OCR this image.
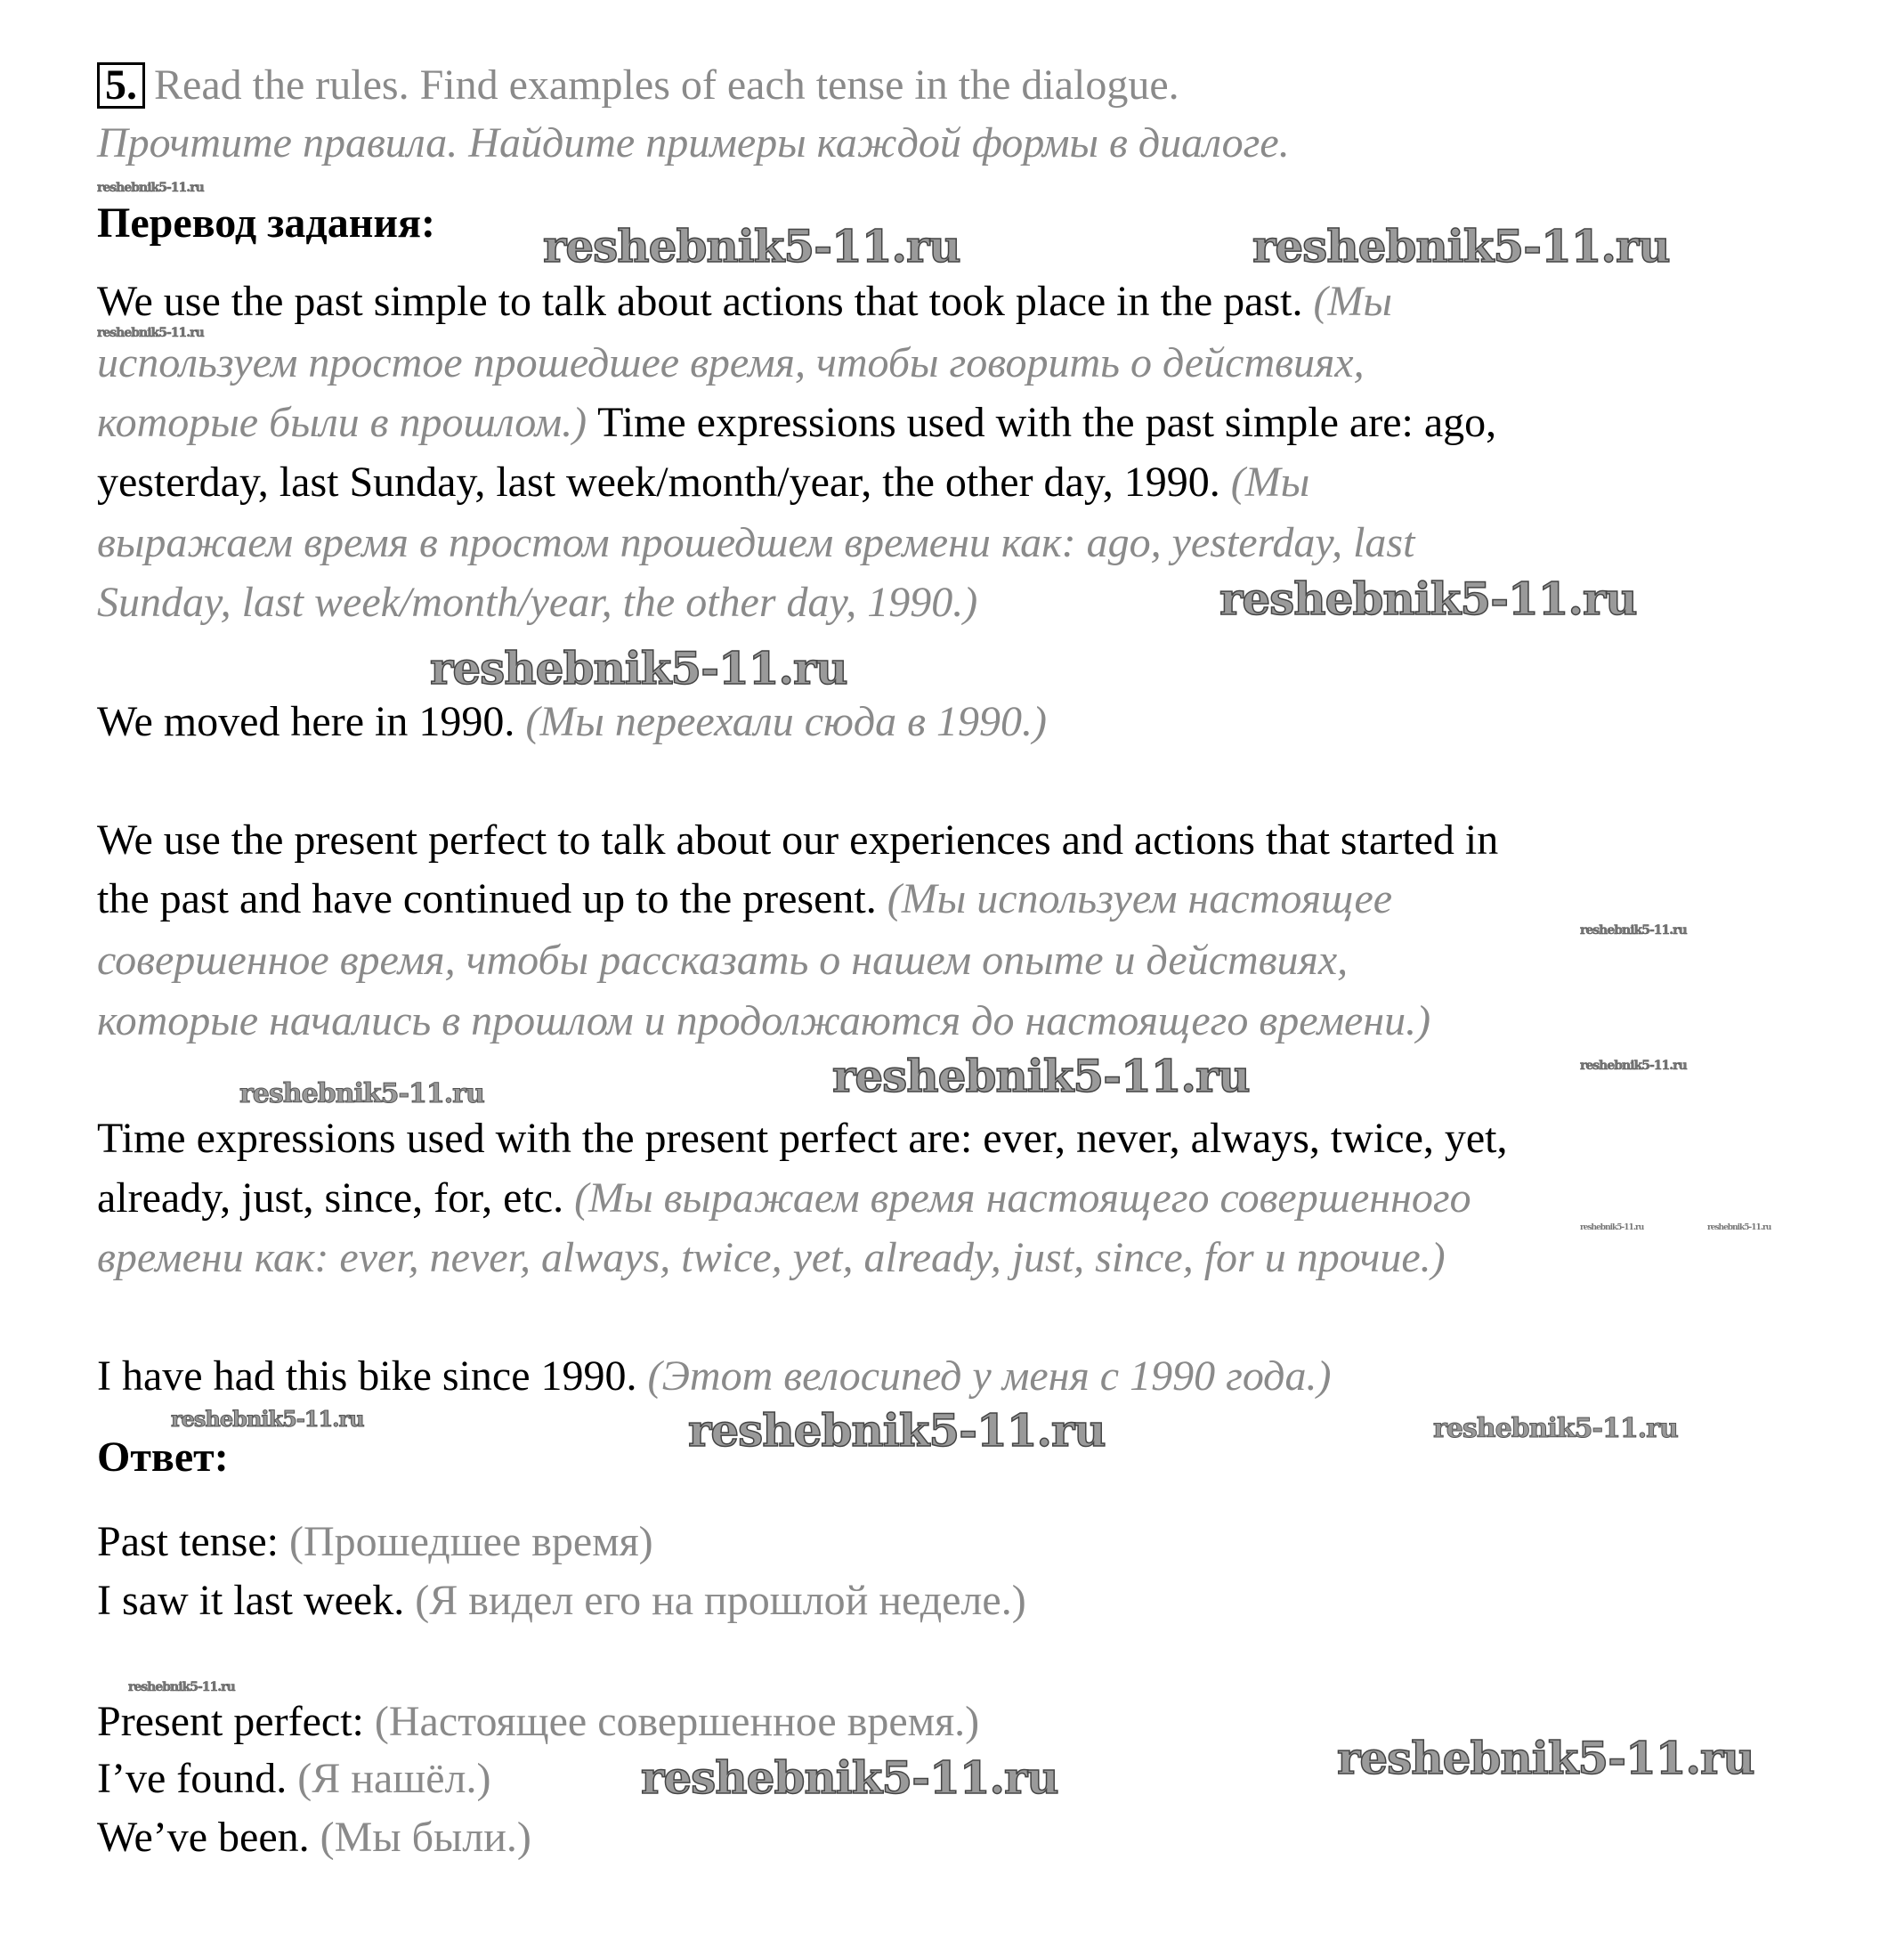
5. Read the rules. Find examples of each tense in the dialogue.
Прочтите правила. Найдите примеры каждой формы в диалоге.
Перевод задания:
We use the past simple to talk about actions that took place in the past. (Мы
используем простое прошедшее время, чтобы говорить о действиях,
которые были в прошлом.) Time expressions used with the past simple are: ago,
yesterday, last Sunday, last week/month/year, the other day, 1990. (Мы
выражаем время в простом прошедшем времени как: ago, yesterday, last
Sunday, last week/month/year, the other day, 1990.)
We moved here in 1990. (Мы переехали сюда в 1990.)
We use the present perfect to talk about our experiences and actions that started in
the past and have continued up to the present. (Мы используем настоящее
совершенное время, чтобы рассказать о нашем опыте и действиях,
которые начались в прошлом и продолжаются до настоящего времени.)
Time expressions used with the present perfect are: ever, never, always, twice, yet,
already, just, since, for, etc. (Мы выражаем время настоящего совершенного
времени как: ever, never, always, twice, yet, already, just, since, for и прочие.)
I have had this bike since 1990. (Этот велосипед у меня с 1990 года.)
Ответ:
Past tense: (Прошедшее время)
I saw it last week. (Я видел его на прошлой неделе.)
Present perfect: (Настоящее совершенное время.)
I’ve found. (Я нашёл.)
We’ve been. (Мы были.)
reshebnik5-11.ru	reshebnik5-11.ru
reshebnik5-11.ru
reshebnik5-11.ru
reshebnik5-11.ru
reshebnik5-11.ru
reshebnik5-11.ru	reshebnik5-11.ru
reshebnik5-11.ru	reshebnik5-11.ru
reshebnik5-11.ru
reshebnik5-11.ru
reshebnik5-11.ru
reshebnik5-11.ru
reshebnik5-11.ru
reshebnik5-11.ru
reshebnik5-11.ru	reshebnik5-11.ru
